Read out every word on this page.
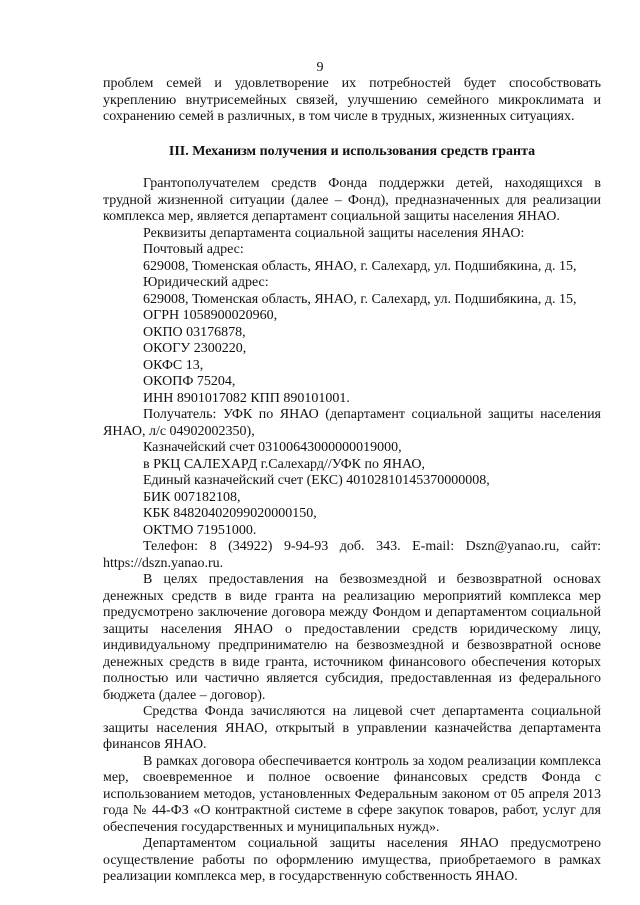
9

проблем семей и удовлетворение их потребностей будет способствовать укреплению внутрисемейных связей, улучшению семейного микроклимата и сохранению семей в различных, в том числе в трудных, жизненных ситуациях.

III. Механизм получения и использования средств гранта

Грантополучателем средств Фонда поддержки детей, находящихся в трудной жизненной ситуации (далее – Фонд), предназначенных для реализации комплекса мер, является департамент социальной защиты населения ЯНАО.

Реквизиты департамента социальной защиты населения ЯНАО:

Почтовый адрес:

629008, Тюменская область, ЯНАО, г. Салехард, ул. Подшибякина, д. 15,

Юридический адрес:

629008, Тюменская область, ЯНАО, г. Салехард, ул. Подшибякина, д. 15,

ОГРН 1058900020960,

ОКПО 03176878,

ОКОГУ 2300220,

ОКФС 13,

ОКОПФ 75204,

ИНН 8901017082 КПП 890101001.

Получатель: УФК по ЯНАО (департамент социальной защиты населения ЯНАО, л/с 04902002350),

Казначейский счет 03100643000000019000,

в РКЦ САЛЕХАРД г.Салехард//УФК по ЯНАО,

Единый казначейский счет (ЕКС) 40102810145370000008,

БИК 007182108,

КБК 84820402099020000150,

ОКТМО 71951000.

Телефон: 8 (34922) 9-94-93 доб. 343. E-mail: Dszn@yanao.ru, сайт: https://dszn.yanao.ru.

В целях предоставления на безвозмездной и безвозвратной основах денежных средств в виде гранта на реализацию мероприятий комплекса мер предусмотрено заключение договора между Фондом и департаментом социальной защиты населения ЯНАО о предоставлении средств юридическому лицу, индивидуальному предпринимателю на безвозмездной и безвозвратной основе денежных средств в виде гранта, источником финансового обеспечения которых полностью или частично является субсидия, предоставленная из федерального бюджета (далее – договор).

Средства Фонда зачисляются на лицевой счет департамента социальной защиты населения ЯНАО, открытый в управлении казначейства департамента финансов ЯНАО.

В рамках договора обеспечивается контроль за ходом реализации комплекса мер, своевременное и полное освоение финансовых средств Фонда с использованием методов, установленных Федеральным законом от 05 апреля 2013 года № 44-ФЗ «О контрактной системе в сфере закупок товаров, работ, услуг для обеспечения государственных и муниципальных нужд».

Департаментом социальной защиты населения ЯНАО предусмотрено осуществление работы по оформлению имущества, приобретаемого в рамках реализации комплекса мер, в государственную собственность ЯНАО.
